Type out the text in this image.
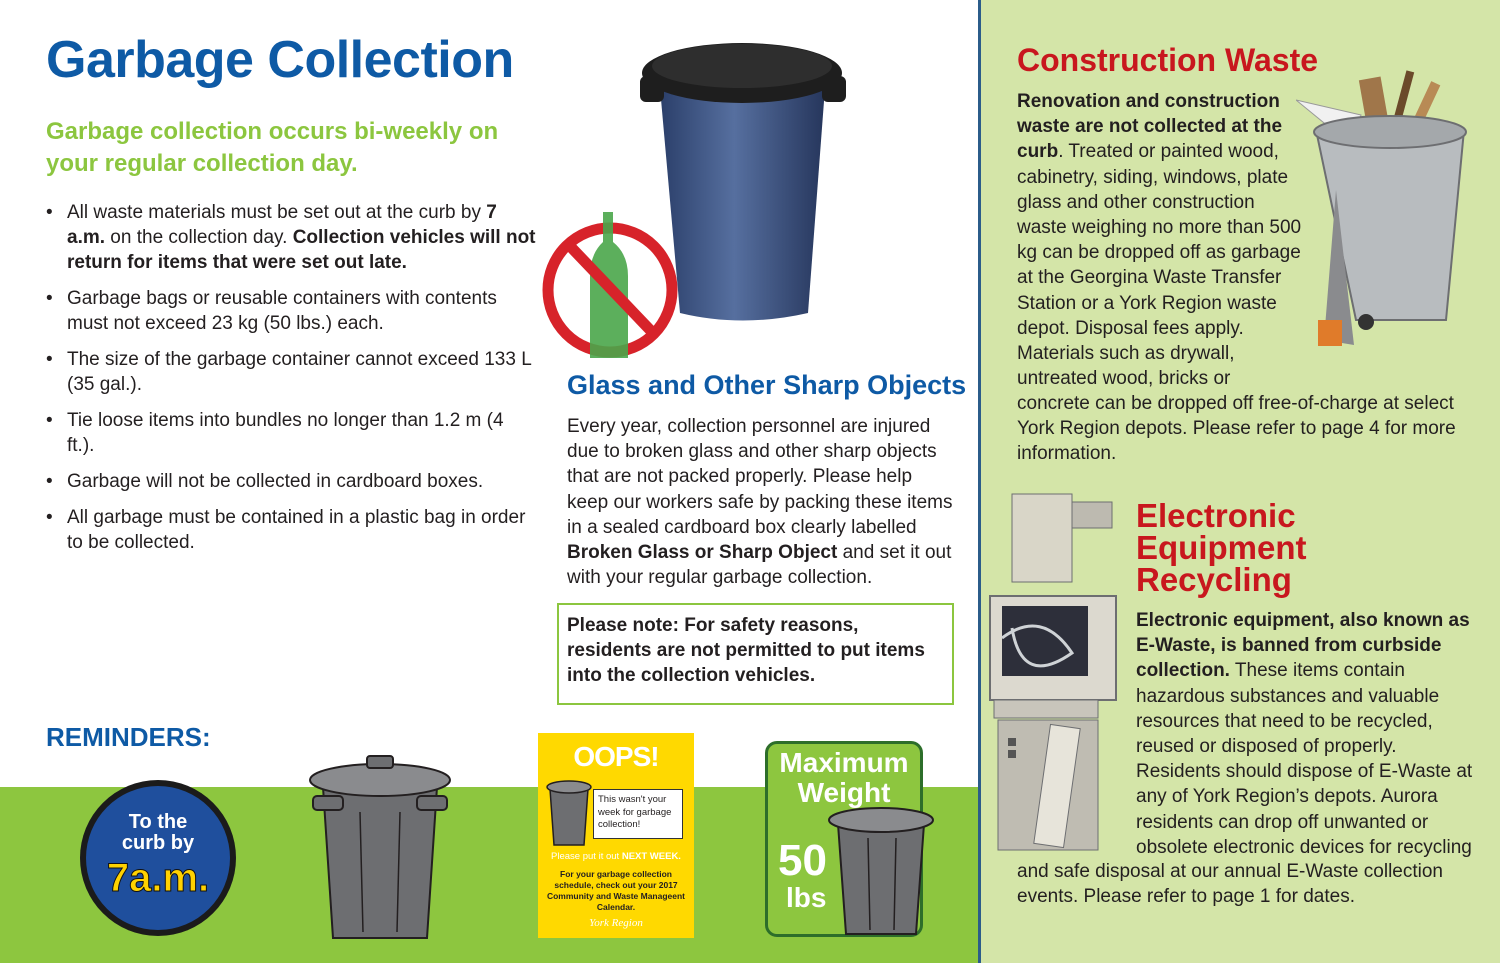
Garbage Collection

Garbage collection occurs bi-weekly on your regular collection day.

• All waste materials must be set out at the curb by 7 a.m. on the collection day. Collection vehicles will not return for items that were set out late.
• Garbage bags or reusable containers with contents must not exceed 23 kg (50 lbs.) each.
• The size of the garbage container cannot exceed 133 L (35 gal.).
• Tie loose items into bundles no longer than 1.2 m (4 ft.).
• Garbage will not be collected in cardboard boxes.
• All garbage must be contained in a plastic bag in order to be collected.
Glass and Other Sharp Objects

Every year, collection personnel are injured due to broken glass and other sharp objects that are not packed properly. Please help keep our workers safe by packing these items in a sealed cardboard box clearly labelled Broken Glass or Sharp Object and set it out with your regular garbage collection.

Please note: For safety reasons, residents are not permitted to put items into the collection vehicles.

REMINDERS:
To the
curb by
7a.m.
OOPS!
This wasn't your week for garbage collection!
Please put it out NEXT WEEK.
For your garbage collection schedule, check out your 2017 Community and Waste Manageent Calendar.
York Region
Maximum
Weight
50
lbs
Construction Waste

Renovation and construction waste are not collected at the curb. Treated or painted wood, cabinetry, siding, windows, plate glass and other construction waste weighing no more than 500 kg can be dropped off as garbage at the Georgina Waste Transfer Station or a York Region waste depot. Disposal fees apply. Materials such as drywall, untreated wood, bricks or

concrete can be dropped off free-of-charge at select York Region depots. Please refer to page 4 for more information.

Electronic
Equipment
Recycling

Electronic equipment, also known as E-Waste, is banned from curbside collection. These items contain hazardous substances and valuable resources that need to be recycled, reused or disposed of properly. Residents should dispose of E-Waste at any of York Region’s depots. Aurora residents can drop off unwanted or obsolete electronic devices for recycling

and safe disposal at our annual E-Waste collection events. Please refer to page 1 for dates.
